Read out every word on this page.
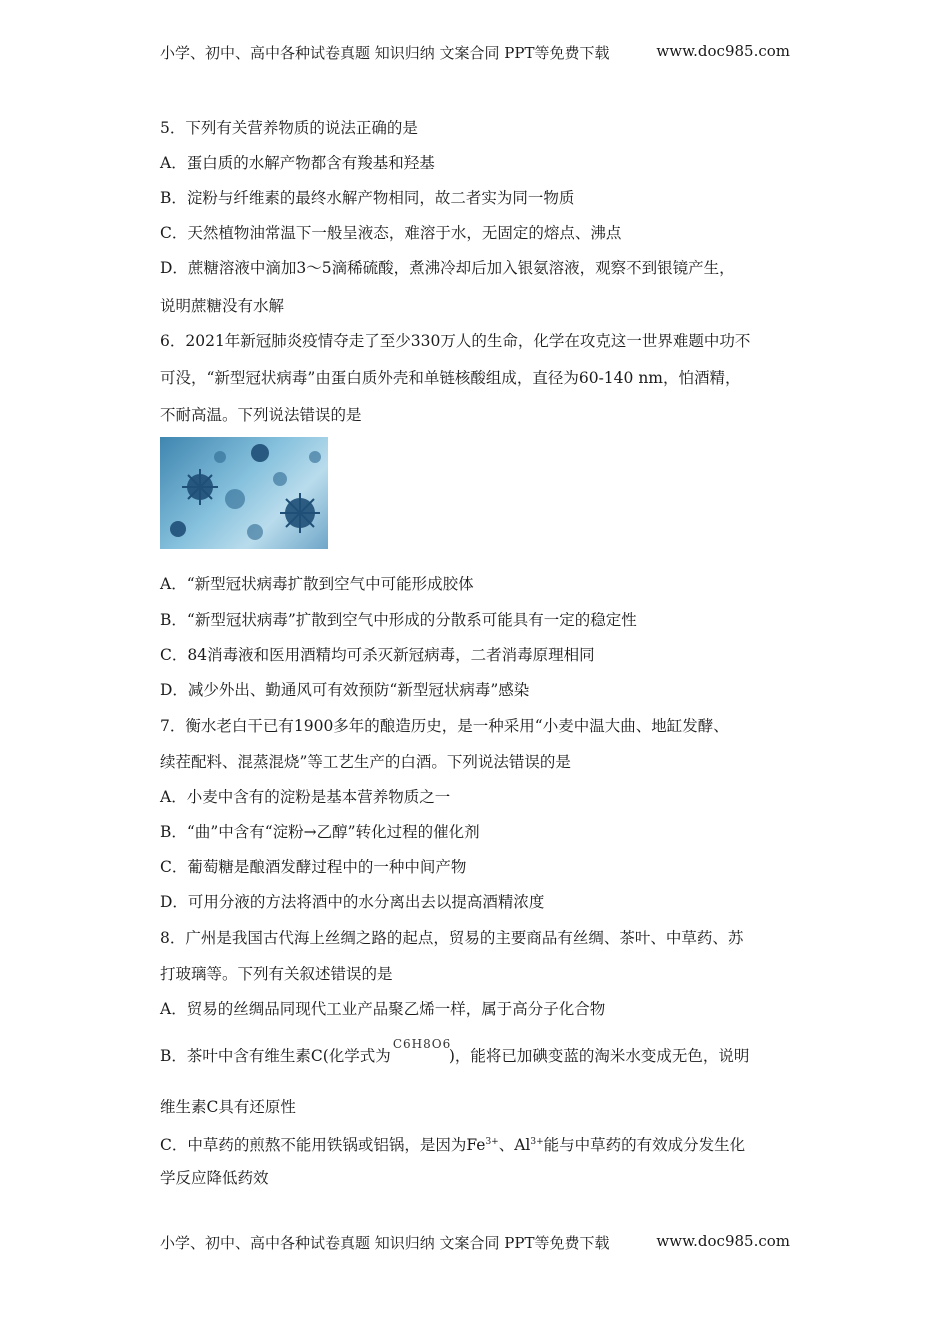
小学、初中、高中各种试卷真题 知识归纳 文案合同 PPT等免费下载	www.doc985.com
5．下列有关营养物质的说法正确的是
A．蛋白质的水解产物都含有羧基和羟基
B．淀粉与纤维素的最终水解产物相同，故二者实为同一物质
C．天然植物油常温下一般呈液态，难溶于水，无固定的熔点、沸点
D．蔗糖溶液中滴加3～5滴稀硫酸，煮沸冷却后加入银氨溶液，观察不到银镜产生，
说明蔗糖没有水解
6．2021年新冠肺炎疫情夺走了至少330万人的生命，化学在攻克这一世界难题中功不
可没，“新型冠状病毒”由蛋白质外壳和单链核酸组成，直径为60-140 nm，怕酒精，
不耐高温。下列说法错误的是
A．“新型冠状病毒扩散到空气中可能形成胶体
B．“新型冠状病毒”扩散到空气中形成的分散系可能具有一定的稳定性
C．84消毒液和医用酒精均可杀灭新冠病毒，二者消毒原理相同
D．减少外出、勤通风可有效预防“新型冠状病毒”感染
7．衡水老白干已有1900多年的酿造历史，是一种采用“小麦中温大曲、地缸发酵、
续茬配料、混蒸混烧”等工艺生产的白酒。下列说法错误的是
A．小麦中含有的淀粉是基本营养物质之一
B．“曲”中含有“淀粉→乙醇”转化过程的催化剂
C．葡萄糖是酿酒发酵过程中的一种中间产物
D．可用分液的方法将酒中的水分离出去以提高酒精浓度
8．广州是我国古代海上丝绸之路的起点，贸易的主要商品有丝绸、茶叶、中草药、苏
打玻璃等。下列有关叙述错误的是
A．贸易的丝绸品同现代工业产品聚乙烯一样，属于高分子化合物
B．茶叶中含有维生素C(化学式为
C6H8O6
)，能将已加碘变蓝的淘米水变成无色，说明
维生素C具有还原性
C．中草药的煎熬不能用铁锅或铝锅，是因为$Fe^{3+}$、$Al^{3+}$能与中草药的有效成分发生化
学反应降低药效
小学、初中、高中各种试卷真题 知识归纳 文案合同 PPT等免费下载	www.doc985.com
